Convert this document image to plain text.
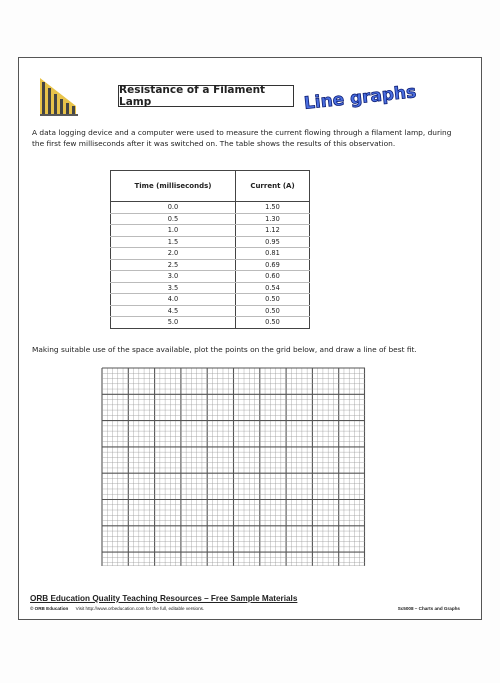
Resistance of a Filament Lamp	Line graphs
A data logging device and a computer were used to measure the current flowing through a filament lamp, during the first few milliseconds after it was switched on. The table shows the results of this observation.
Time (milliseconds)	Current (A)
0.0	1.50
0.5	1.30
1.0	1.12
1.5	0.95
2.0	0.81
2.5	0.69
3.0	0.60
3.5	0.54
4.0	0.50
4.5	0.50
5.0	0.50
Making suitable use of the space available, plot the points on the grid below, and draw a line of best fit.
ORB Education Quality Teaching Resources – Free Sample Materials
© ORB Education Visit http://www.orbeducation.com for the full, editable versions.	Sc5008 – Charts and Graphs
